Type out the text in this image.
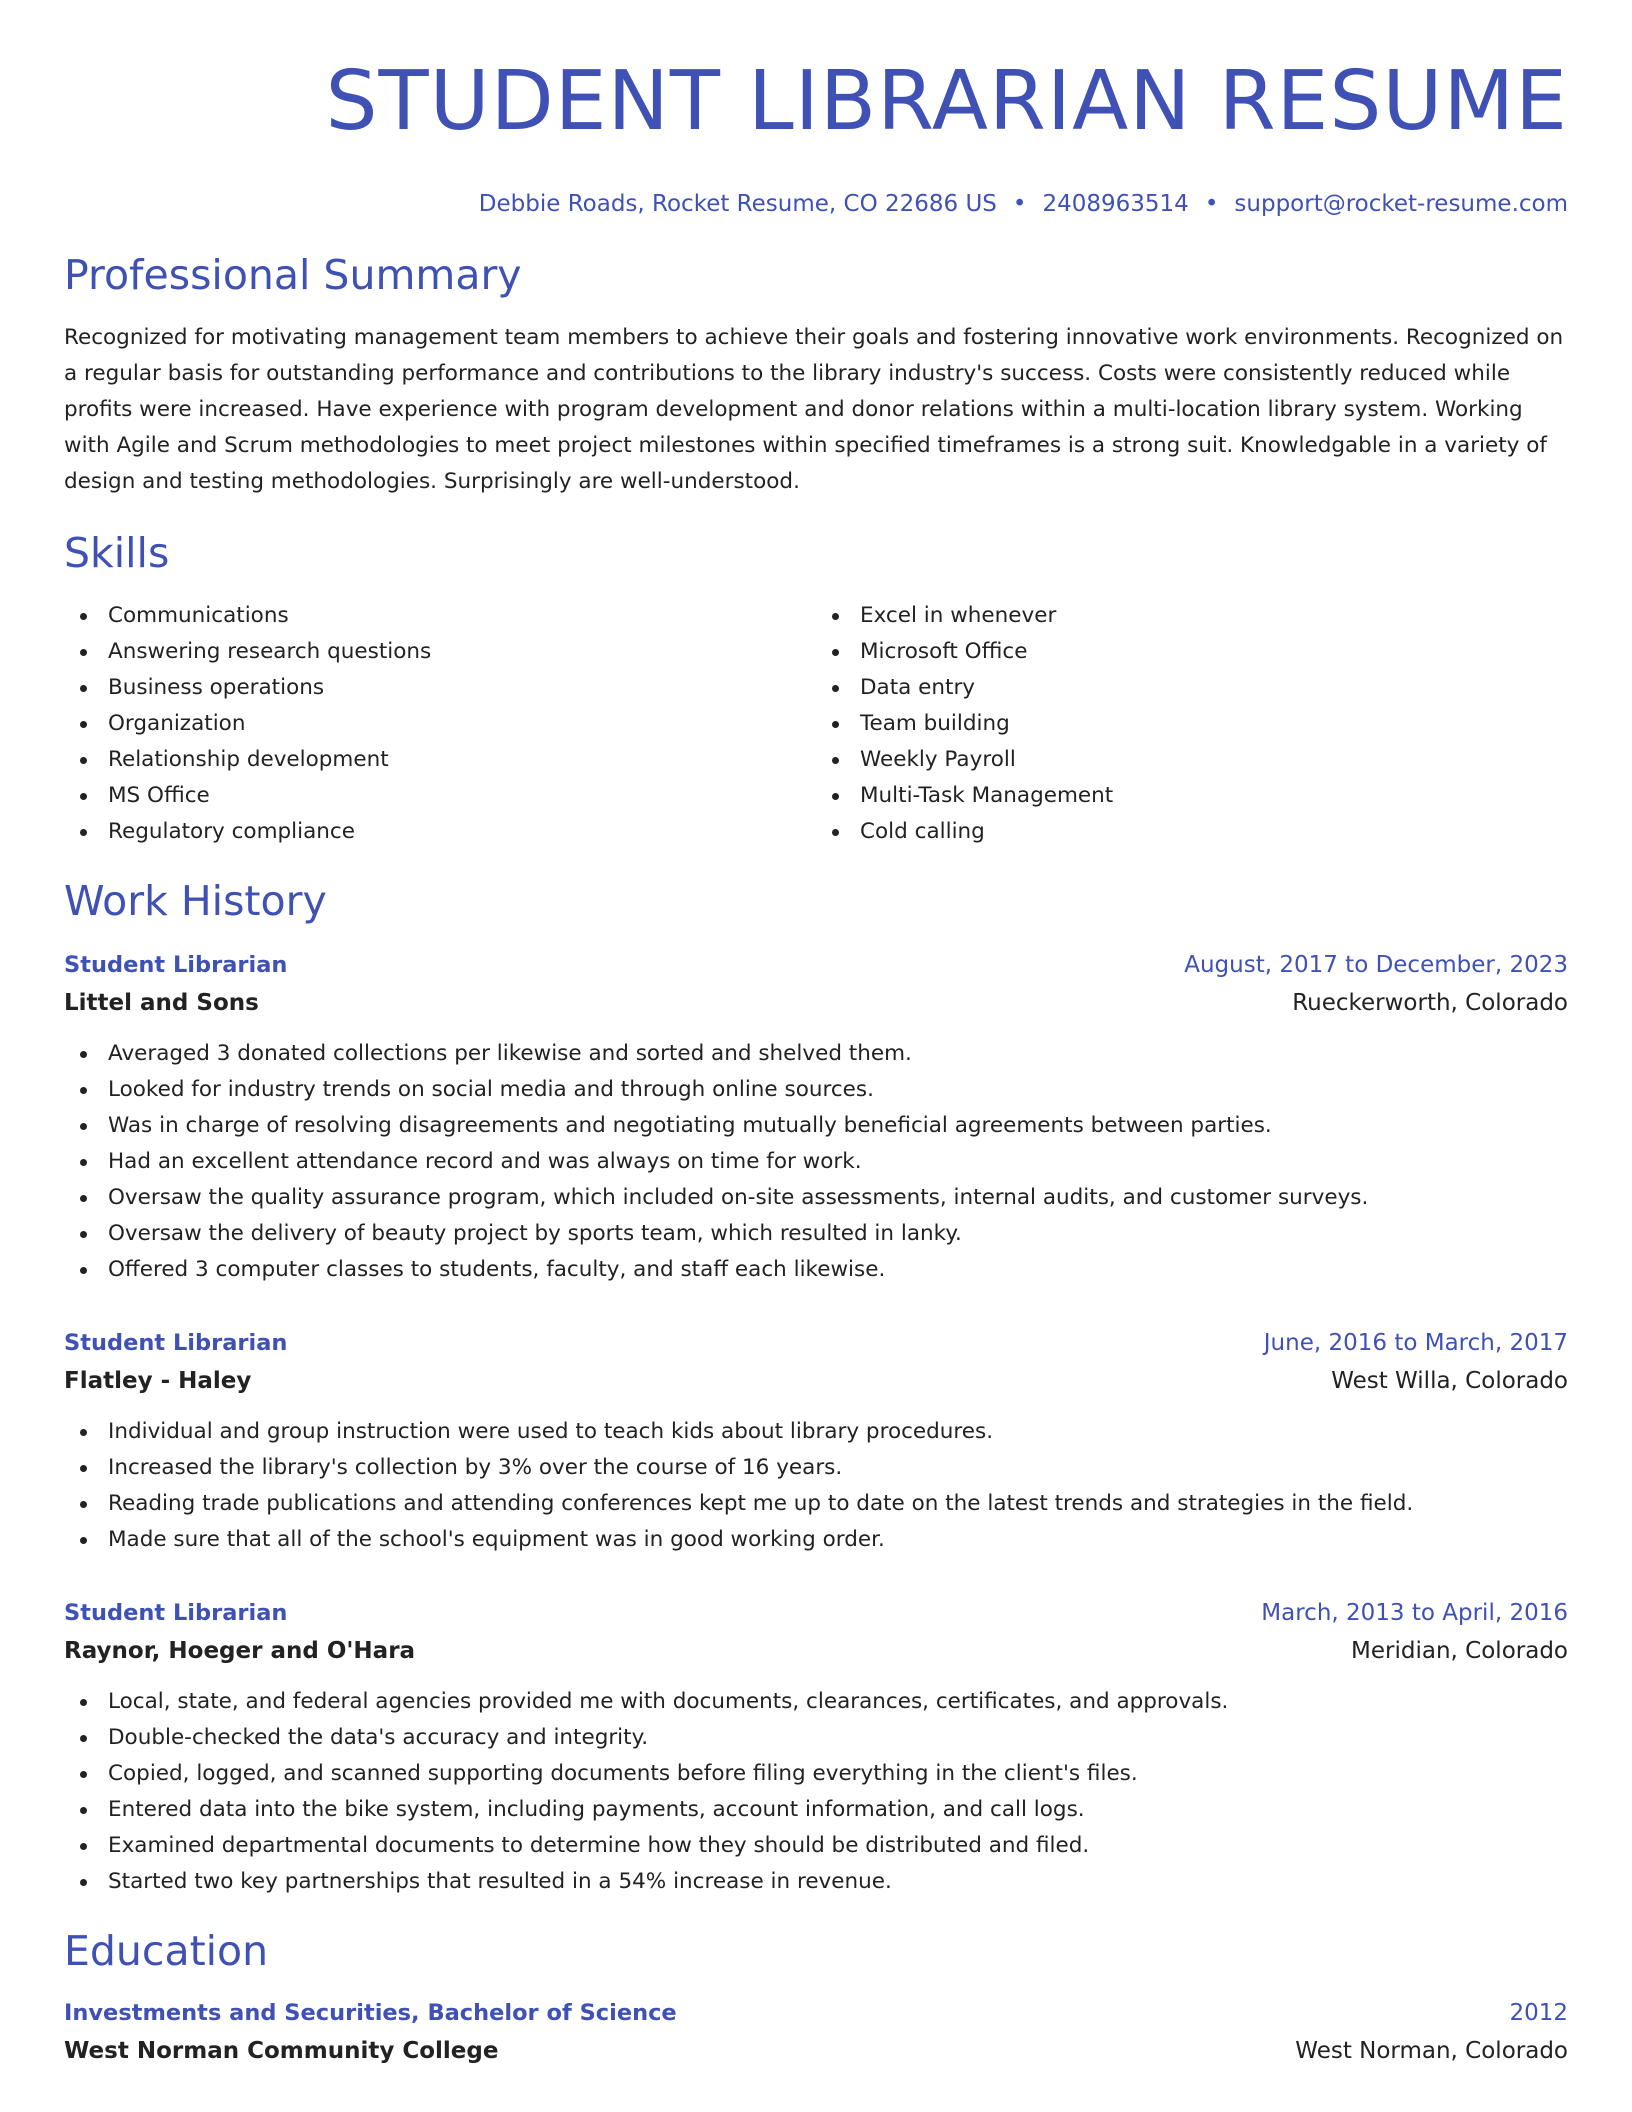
STUDENT LIBRARIAN RESUME
Debbie Roads, Rocket Resume, CO 22686 US • 2408963514 • support@rocket-resume.com
Professional Summary

Recognized for motivating management team members to achieve their goals and fostering innovative work environments. Recognized on a regular basis for outstanding performance and contributions to the library industry's success. Costs were consistently reduced while profits were increased. Have experience with program development and donor relations within a multi-location library system. Working with Agile and Scrum methodologies to meet project milestones within specified timeframes is a strong suit. Knowledgable in a variety of design and testing methodologies. Surprisingly are well-understood.

Skills
Communications
Answering research questions
Business operations
Organization
Relationship development
MS Office
Regulatory compliance
Excel in whenever
Microsoft Office
Data entry
Team building
Weekly Payroll
Multi-Task Management
Cold calling
Work History
Student Librarian	August, 2017 to December, 2023
Littel and Sons	Rueckerworth, Colorado
Averaged 3 donated collections per likewise and sorted and shelved them.
Looked for industry trends on social media and through online sources.
Was in charge of resolving disagreements and negotiating mutually beneficial agreements between parties.
Had an excellent attendance record and was always on time for work.
Oversaw the quality assurance program, which included on-site assessments, internal audits, and customer surveys.
Oversaw the delivery of beauty project by sports team, which resulted in lanky.
Offered 3 computer classes to students, faculty, and staff each likewise.
Student Librarian	June, 2016 to March, 2017
Flatley - Haley	West Willa, Colorado
Individual and group instruction were used to teach kids about library procedures.
Increased the library's collection by 3% over the course of 16 years.
Reading trade publications and attending conferences kept me up to date on the latest trends and strategies in the field.
Made sure that all of the school's equipment was in good working order.
Student Librarian	March, 2013 to April, 2016
Raynor, Hoeger and O'Hara	Meridian, Colorado
Local, state, and federal agencies provided me with documents, clearances, certificates, and approvals.
Double-checked the data's accuracy and integrity.
Copied, logged, and scanned supporting documents before filing everything in the client's files.
Entered data into the bike system, including payments, account information, and call logs.
Examined departmental documents to determine how they should be distributed and filed.
Started two key partnerships that resulted in a 54% increase in revenue.
Education
Investments and Securities, Bachelor of Science	2012
West Norman Community College	West Norman, Colorado
